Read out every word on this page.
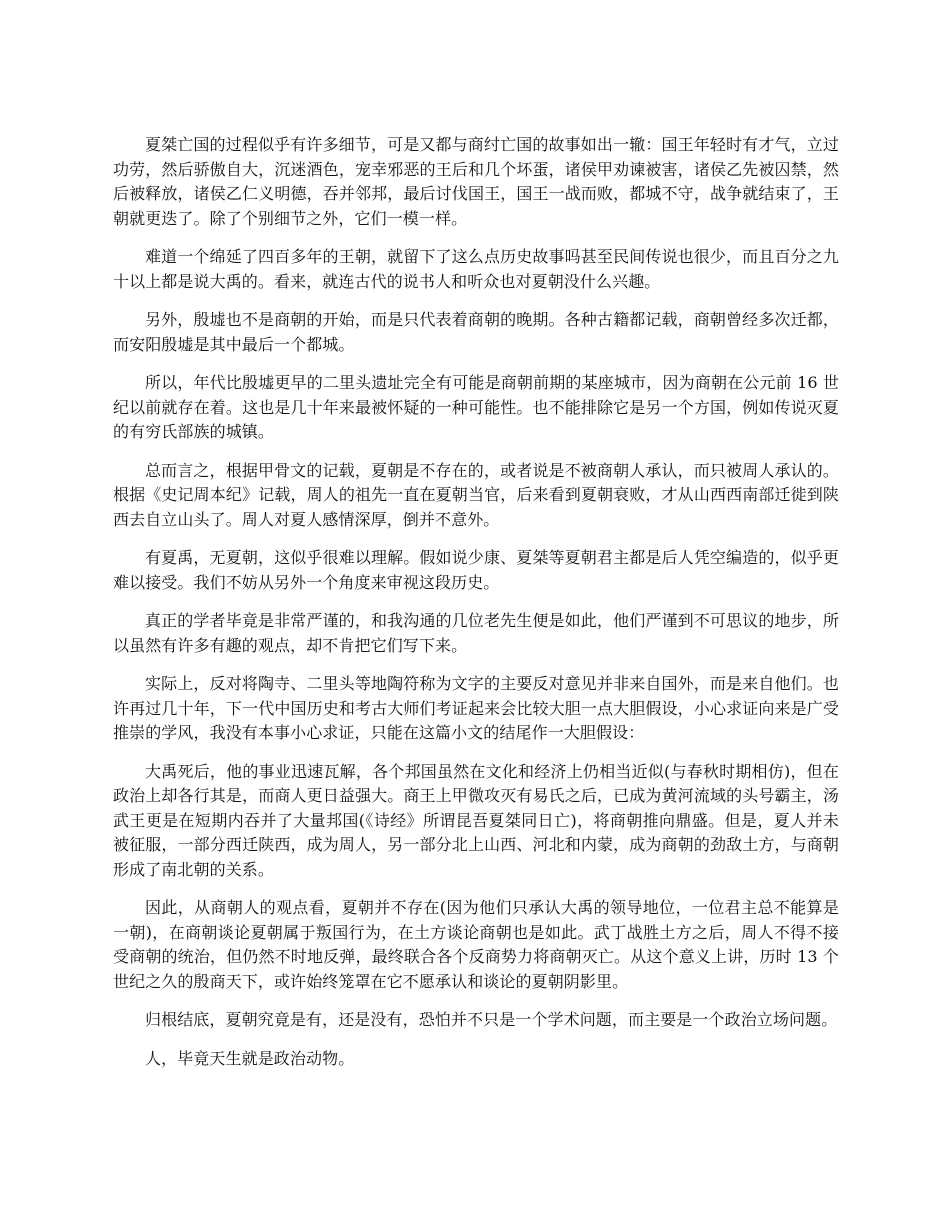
夏桀亡国的过程似乎有许多细节，可是又都与商纣亡国的故事如出一辙：国王年轻时有才气，立过功劳，然后骄傲自大，沉迷酒色，宠幸邪恶的王后和几个坏蛋，诸侯甲劝谏被害，诸侯乙先被囚禁，然后被释放，诸侯乙仁义明德，吞并邻邦，最后讨伐国王，国王一战而败，都城不守，战争就结束了，王朝就更迭了。除了个别细节之外，它们一模一样。

难道一个绵延了四百多年的王朝，就留下了这么点历史故事吗甚至民间传说也很少，而且百分之九十以上都是说大禹的。看来，就连古代的说书人和听众也对夏朝没什么兴趣。

另外，殷墟也不是商朝的开始，而是只代表着商朝的晚期。各种古籍都记载，商朝曾经多次迁都，而安阳殷墟是其中最后一个都城。

所以，年代比殷墟更早的二里头遗址完全有可能是商朝前期的某座城市，因为商朝在公元前 16 世纪以前就存在着。这也是几十年来最被怀疑的一种可能性。也不能排除它是另一个方国，例如传说灭夏的有穷氏部族的城镇。

总而言之，根据甲骨文的记载，夏朝是不存在的，或者说是不被商朝人承认，而只被周人承认的。根据《史记周本纪》记载，周人的祖先一直在夏朝当官，后来看到夏朝衰败，才从山西西南部迁徙到陕西去自立山头了。周人对夏人感情深厚，倒并不意外。

有夏禹，无夏朝，这似乎很难以理解。假如说少康、夏桀等夏朝君主都是后人凭空编造的，似乎更难以接受。我们不妨从另外一个角度来审视这段历史。

真正的学者毕竟是非常严谨的，和我沟通的几位老先生便是如此，他们严谨到不可思议的地步，所以虽然有许多有趣的观点，却不肯把它们写下来。

实际上，反对将陶寺、二里头等地陶符称为文字的主要反对意见并非来自国外，而是来自他们。也许再过几十年，下一代中国历史和考古大师们考证起来会比较大胆一点大胆假设，小心求证向来是广受推崇的学风，我没有本事小心求证，只能在这篇小文的结尾作一大胆假设：

大禹死后，他的事业迅速瓦解，各个邦国虽然在文化和经济上仍相当近似(与春秋时期相仿)，但在政治上却各行其是，而商人更日益强大。商王上甲微攻灭有易氏之后，已成为黄河流域的头号霸主，汤武王更是在短期内吞并了大量邦国(《诗经》所谓昆吾夏桀同日亡)，将商朝推向鼎盛。但是，夏人并未被征服，一部分西迁陕西，成为周人，另一部分北上山西、河北和内蒙，成为商朝的劲敌土方，与商朝形成了南北朝的关系。

因此，从商朝人的观点看，夏朝并不存在(因为他们只承认大禹的领导地位，一位君主总不能算是一朝)，在商朝谈论夏朝属于叛国行为，在土方谈论商朝也是如此。武丁战胜土方之后，周人不得不接受商朝的统治，但仍然不时地反弹，最终联合各个反商势力将商朝灭亡。从这个意义上讲，历时 13 个世纪之久的殷商天下，或许始终笼罩在它不愿承认和谈论的夏朝阴影里。

归根结底，夏朝究竟是有，还是没有，恐怕并不只是一个学术问题，而主要是一个政治立场问题。

人，毕竟天生就是政治动物。
